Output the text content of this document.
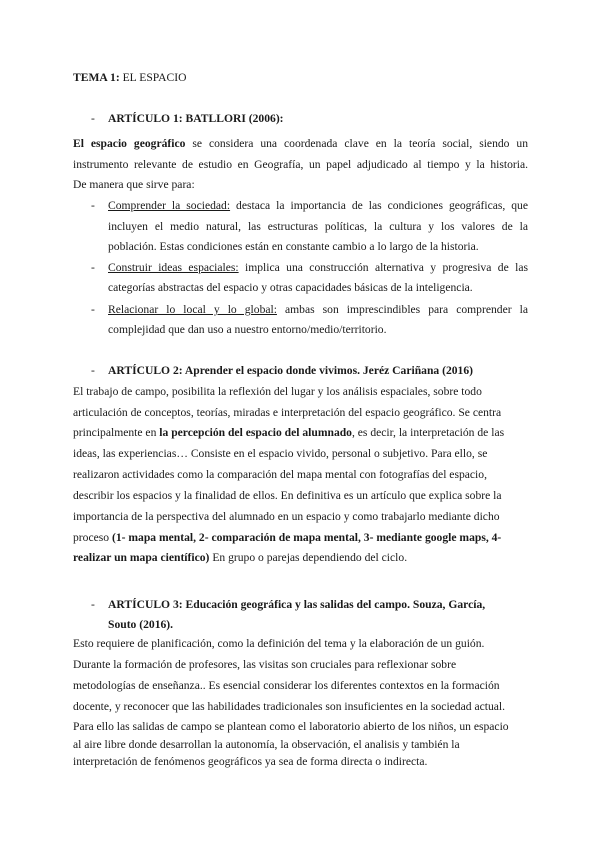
TEMA 1: EL ESPACIO
- ARTÍCULO 1: BATLLORI (2006):
El espacio geográfico se considera una coordenada clave en la teoría social, siendo un
instrumento relevante de estudio en Geografía, un papel adjudicado al tiempo y la historia.
De manera que sirve para:
- Comprender la sociedad: destaca la importancia de las condiciones geográficas, que
incluyen el medio natural, las estructuras políticas, la cultura y los valores de la
población. Estas condiciones están en constante cambio a lo largo de la historia.
- Construir ideas espaciales: implica una construcción alternativa y progresiva de las
categorías abstractas del espacio y otras capacidades básicas de la inteligencia.
- Relacionar lo local y lo global: ambas son imprescindibles para comprender la
complejidad que dan uso a nuestro entorno/medio/territorio.
- ARTÍCULO 2: Aprender el espacio donde vivimos. Jeréz Cariñana (2016)
El trabajo de campo, posibilita la reflexión del lugar y los análisis espaciales, sobre todo
articulación de conceptos, teorías, miradas e interpretación del espacio geográfico. Se centra
principalmente en la percepción del espacio del alumnado, es decir, la interpretación de las
ideas, las experiencias… Consiste en el espacio vivido, personal o subjetivo. Para ello, se
realizaron actividades como la comparación del mapa mental con fotografías del espacio,
describir los espacios y la finalidad de ellos. En definitiva es un artículo que explica sobre la
importancia de la perspectiva del alumnado en un espacio y como trabajarlo mediante dicho
proceso (1- mapa mental, 2- comparación de mapa mental, 3- mediante google maps, 4-
realizar un mapa científico) En grupo o parejas dependiendo del ciclo.
- ARTÍCULO 3: Educación geográfica y las salidas del campo. Souza, García,
Souto (2016).
Esto requiere de planificación, como la definición del tema y la elaboración de un guión.
Durante la formación de profesores, las visitas son cruciales para reflexionar sobre
metodologías de enseñanza.. Es esencial considerar los diferentes contextos en la formación
docente, y reconocer que las habilidades tradicionales son insuficientes en la sociedad actual.
Para ello las salidas de campo se plantean como el laboratorio abierto de los niños, un espacio
al aire libre donde desarrollan la autonomía, la observación, el analisis y también la
interpretación de fenómenos geográficos ya sea de forma directa o indirecta.
